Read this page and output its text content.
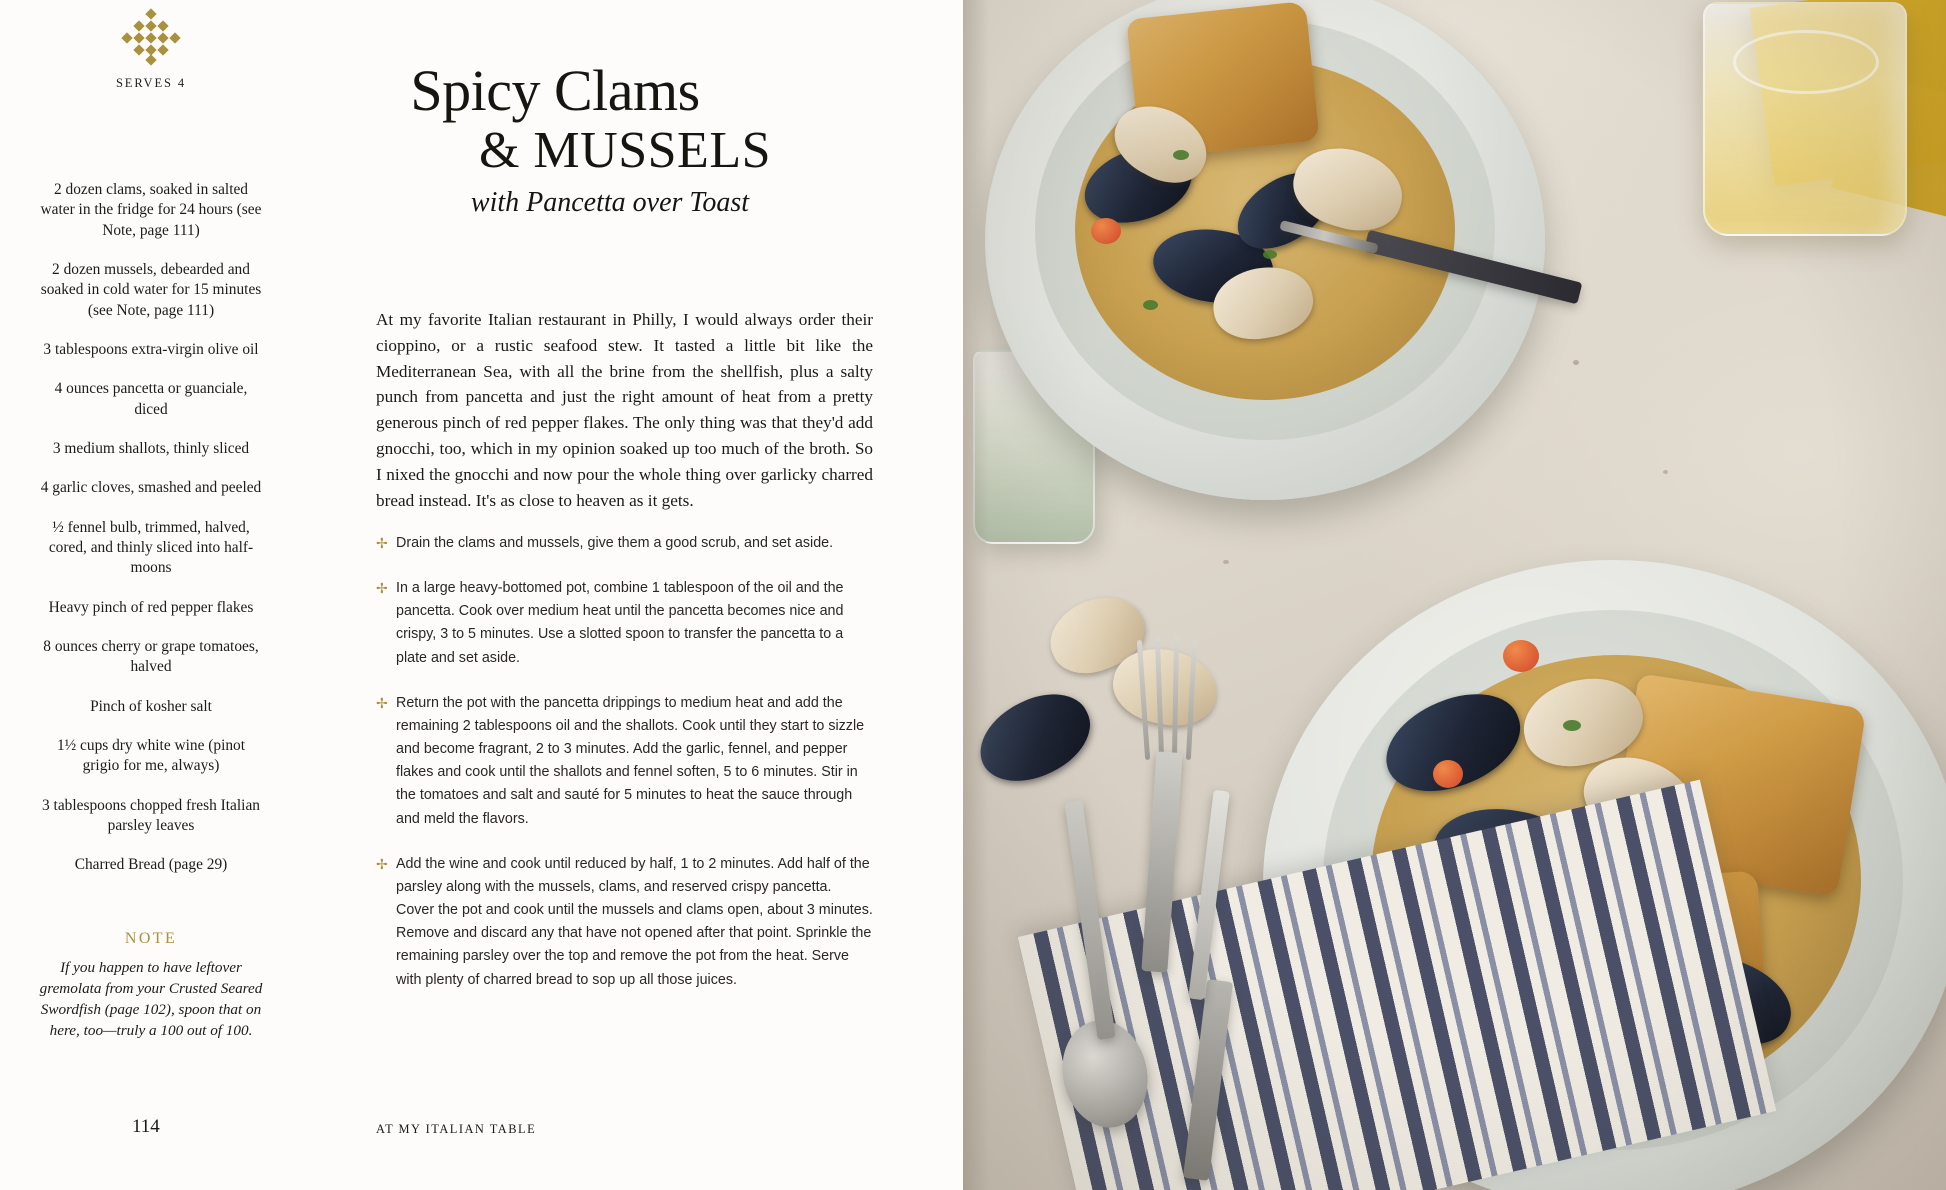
SERVES 4
2 dozen clams, soaked in salted water in the fridge for 24 hours (see Note, page 111)
2 dozen mussels, debearded and soaked in cold water for 15 minutes (see Note, page 111)
3 tablespoons extra-virgin olive oil
4 ounces pancetta or guanciale, diced
3 medium shallots, thinly sliced
4 garlic cloves, smashed and peeled
½ fennel bulb, trimmed, halved, cored, and thinly sliced into half-moons
Heavy pinch of red pepper flakes
8 ounces cherry or grape tomatoes, halved
Pinch of kosher salt
1½ cups dry white wine (pinot grigio for me, always)
3 tablespoons chopped fresh Italian parsley leaves
Charred Bread (page 29)
NOTE
If you happen to have leftover gremolata from your Crusted Seared Swordfish (page 102), spoon that on here, too—truly a 100 out of 100.
Spicy Clams
& MUSSELS
with Pancetta over Toast
At my favorite Italian restaurant in Philly, I would always order their cioppino, or a rustic seafood stew. It tasted a little bit like the Mediterranean Sea, with all the brine from the shellfish, plus a salty punch from pancetta and just the right amount of heat from a pretty generous pinch of red pepper flakes. The only thing was that they'd add gnocchi, too, which in my opinion soaked up too much of the broth. So I nixed the gnocchi and now pour the whole thing over garlicky charred bread instead. It's as close to heaven as it gets.
✢ Drain the clams and mussels, give them a good scrub, and set aside.
✢ In a large heavy-bottomed pot, combine 1 tablespoon of the oil and the pancetta. Cook over medium heat until the pancetta becomes nice and crispy, 3 to 5 minutes. Use a slotted spoon to transfer the pancetta to a plate and set aside.
✢ Return the pot with the pancetta drippings to medium heat and add the remaining 2 tablespoons oil and the shallots. Cook until they start to sizzle and become fragrant, 2 to 3 minutes. Add the garlic, fennel, and pepper flakes and cook until the shallots and fennel soften, 5 to 6 minutes. Stir in the tomatoes and salt and sauté for 5 minutes to heat the sauce through and meld the flavors.
✢ Add the wine and cook until reduced by half, 1 to 2 minutes. Add half of the parsley along with the mussels, clams, and reserved crispy pancetta. Cover the pot and cook until the mussels and clams open, about 3 minutes. Remove and discard any that have not opened after that point. Sprinkle the remaining parsley over the top and remove the pot from the heat. Serve with plenty of charred bread to sop up all those juices.
114	AT MY ITALIAN TABLE
